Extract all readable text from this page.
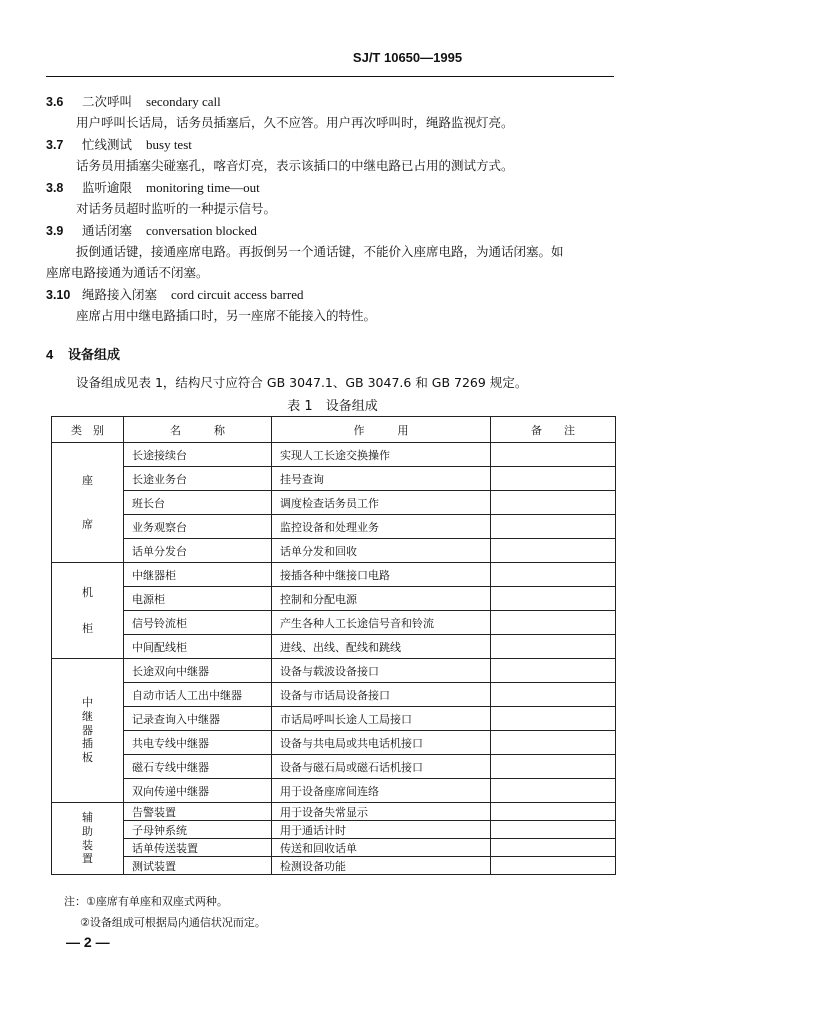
SJ/T 10650—1995
3.6 二次呼叫 secondary call
用户呼叫长话局，话务员插塞后，久不应答。用户再次呼叫时，绳路监视灯亮。
3.7 忙线测试 busy test
话务员用插塞尖碰塞孔，喀音灯亮，表示该插口的中继电路已占用的测试方式。
3.8 监听逾限 monitoring time—out
对话务员超时监听的一种提示信号。
3.9 通话闭塞 conversation blocked
扳倒通话键，接通座席电路。再扳倒另一个通话键，不能价入座席电路，为通话闭塞。如
座席电路接通为通话不闭塞。
3.10 绳路接入闭塞 cord circuit access barred
座席占用中继电路插口时，另一座席不能接入的特性。
4 设备组成
设备组成见表 1，结构尺寸应符合 GB 3047.1、GB 3047.6 和 GB 7269 规定。
表 1　设备组成
类　别	名　　　称	作　　　用	备　　注

座
席	长途接续台	实现人工长途交换操作	
	长途业务台	挂号查询	
	班长台	调度检查话务员工作	
	业务观察台	监控设备和处理业务	
	话单分发台	话单分发和回收	

机
柜	中继器柜	接插各种中继接口电路	
	电源柜	控制和分配电源	
	信号铃流柜	产生各种人工长途信号音和铃流	
	中间配线柜	进线、出线、配线和跳线	

中
继
器
插
板	长途双向中继器	设备与载波设备接口	
	自动市话人工出中继器	设备与市话局设备接口	
	记录查询入中继器	市话局呼叫长途人工局接口	
	共电专线中继器	设备与共电局或共电话机接口	
	磁石专线中继器	设备与磁石局或磁石话机接口	
	双向传递中继器	用于设备座席间连络	

辅
助
装
置	告警装置	用于设备失常显示	
	子母钟系统	用于通话计时	
	话单传送装置	传送和回收话单	
	测试装置	检测设备功能	
注：①座席有单座和双座式两种。
②设备组成可根据局内通信状况而定。
— 2 —
